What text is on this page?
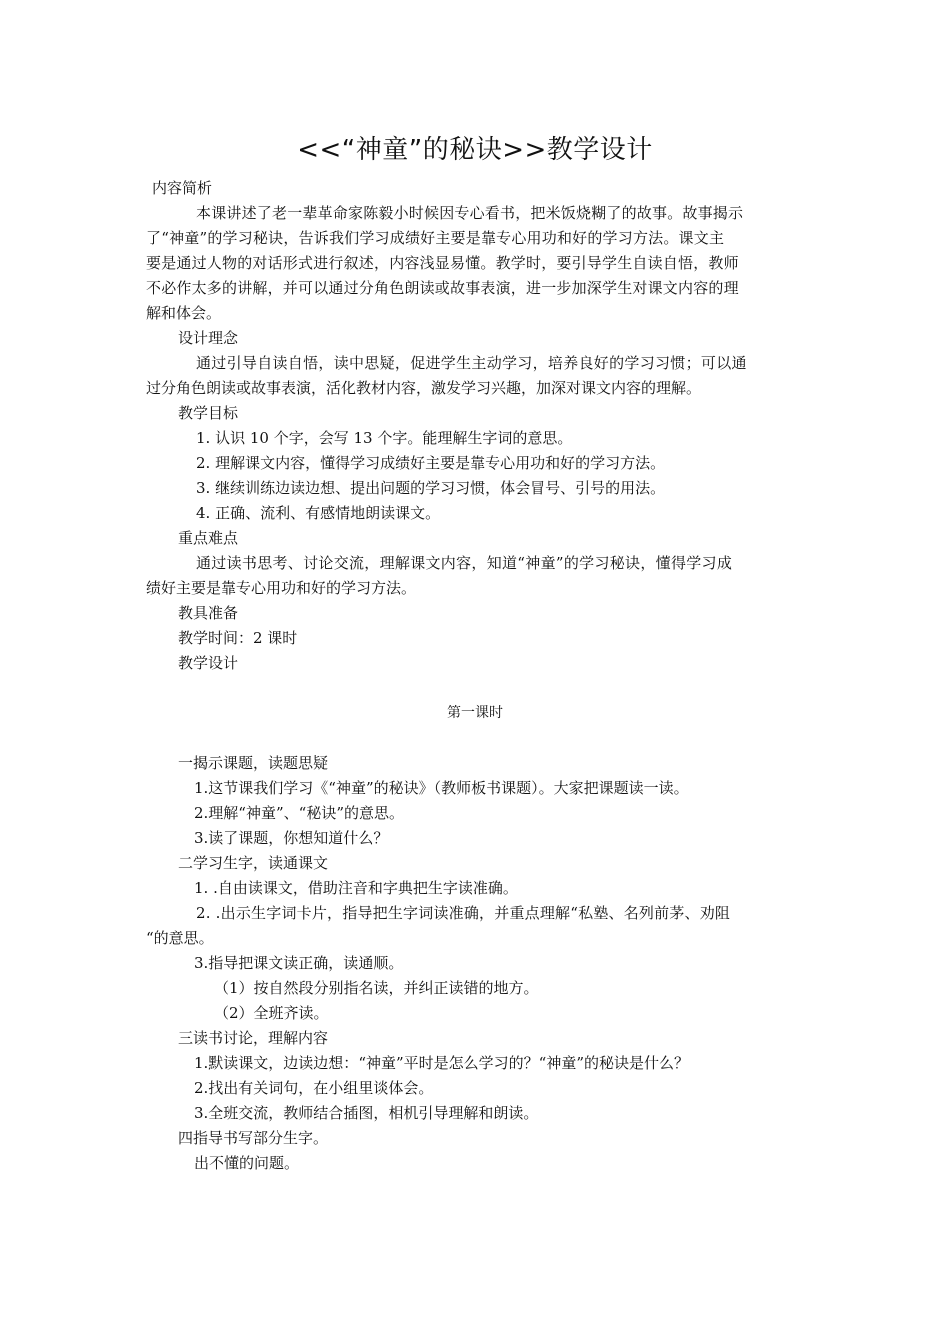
<<“神童”的秘诀>>教学设计
内容简析
本课讲述了老一辈革命家陈毅小时候因专心看书，把米饭烧糊了的故事。故事揭示
了“神童”的学习秘诀，告诉我们学习成绩好主要是靠专心用功和好的学习方法。课文主
要是通过人物的对话形式进行叙述，内容浅显易懂。教学时，要引导学生自读自悟，教师
不必作太多的讲解，并可以通过分角色朗读或故事表演，进一步加深学生对课文内容的理
解和体会。
设计理念
通过引导自读自悟，读中思疑，促进学生主动学习，培养良好的学习习惯；可以通
过分角色朗读或故事表演，活化教材内容，激发学习兴趣，加深对课文内容的理解。
教学目标
1. 认识 10 个字，会写 13 个字。能理解生字词的意思。
2. 理解课文内容，懂得学习成绩好主要是靠专心用功和好的学习方法。
3. 继续训练边读边想、提出问题的学习习惯，体会冒号、引号的用法。
4. 正确、流利、有感情地朗读课文。
重点难点
通过读书思考、讨论交流，理解课文内容，知道“神童”的学习秘诀，懂得学习成
绩好主要是靠专心用功和好的学习方法。
教具准备
教学时间：2 课时
教学设计
第一课时
一揭示课题，读题思疑
1.这节课我们学习《“神童”的秘诀》（教师板书课题）。大家把课题读一读。
2.理解“神童”、“秘诀”的意思。
3.读了课题，你想知道什么？
二学习生字，读通课文
1. .自由读课文，借助注音和字典把生字读准确。
2. .出示生字词卡片，指导把生字词读准确，并重点理解“私塾、名列前茅、劝阻
“的意思。
3.指导把课文读正确，读通顺。
（1）按自然段分别指名读，并纠正读错的地方。
（2）全班齐读。
三读书讨论，理解内容
1.默读课文，边读边想：“神童”平时是怎么学习的？“神童”的秘诀是什么？
2.找出有关词句，在小组里谈体会。
3.全班交流，教师结合插图，相机引导理解和朗读。
四指导书写部分生字。
出不懂的问题。
